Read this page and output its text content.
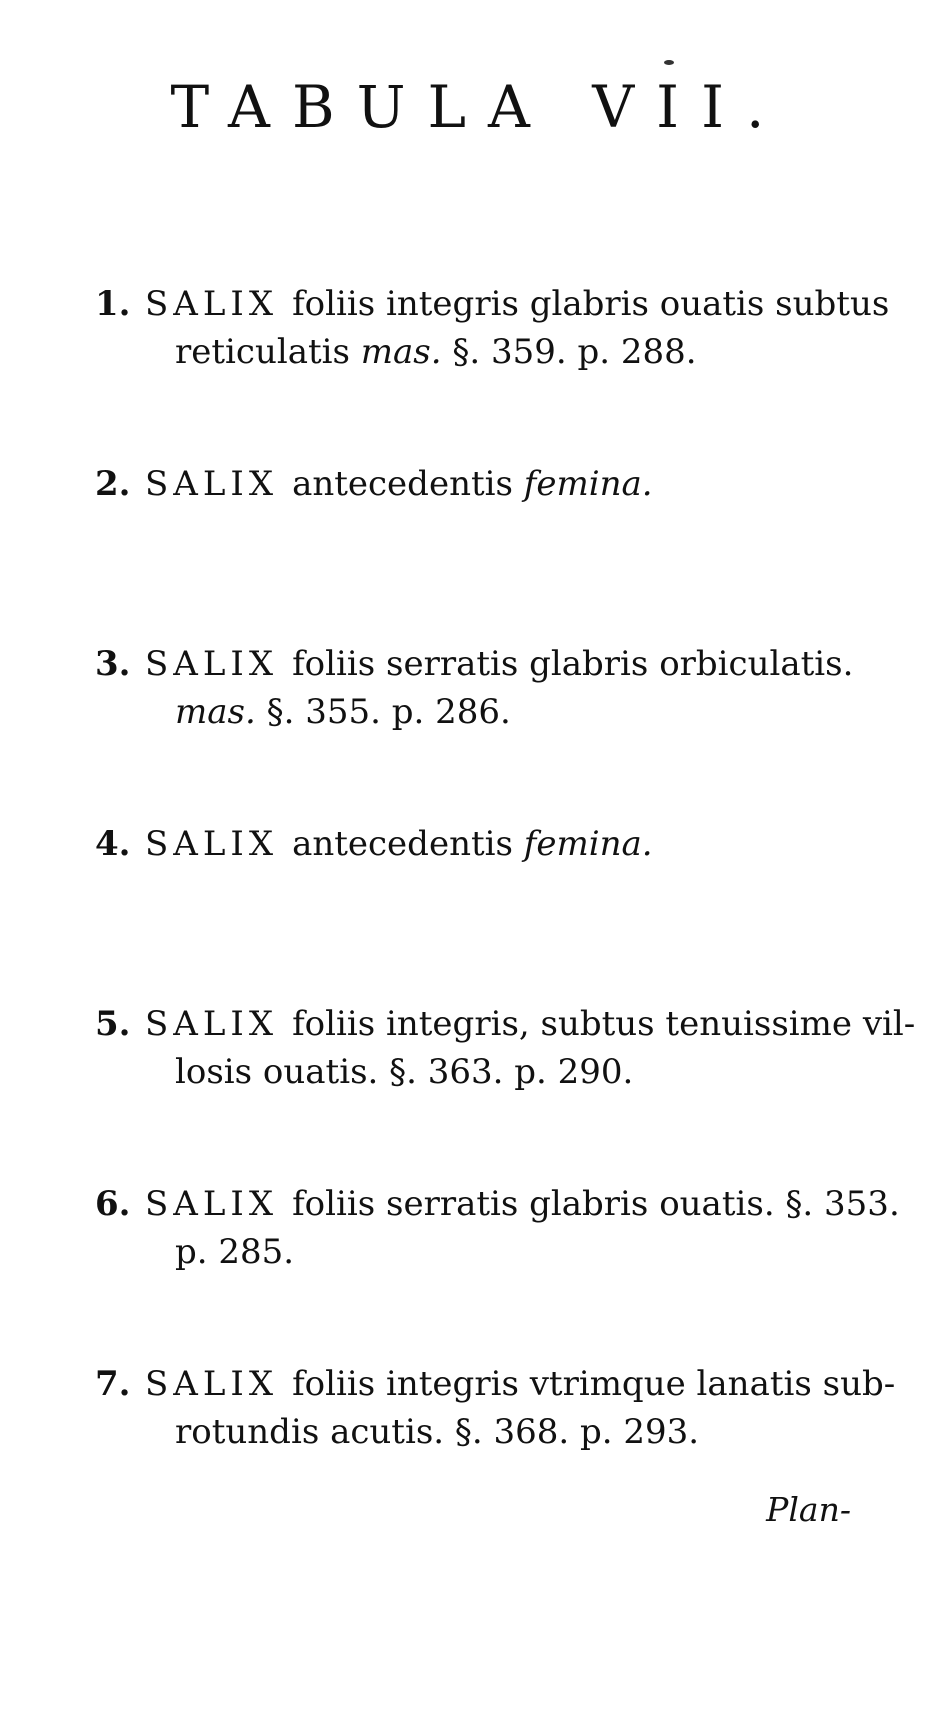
TABULA VII.
1. SALIX foliis integris glabris ouatis subtus
reticulatis mas. §. 359. p. 288.
2. SALIX antecedentis femina.
3. SALIX foliis serratis glabris orbiculatis.
mas. §. 355. p. 286.
4. SALIX antecedentis femina.
5. SALIX foliis integris, subtus tenuissime vil-
losis ouatis. §. 363. p. 290.
6. SALIX foliis serratis glabris ouatis. §. 353.
p. 285.
7. SALIX foliis integris vtrimque lanatis sub-
rotundis acutis. §. 368. p. 293.
Plan-
